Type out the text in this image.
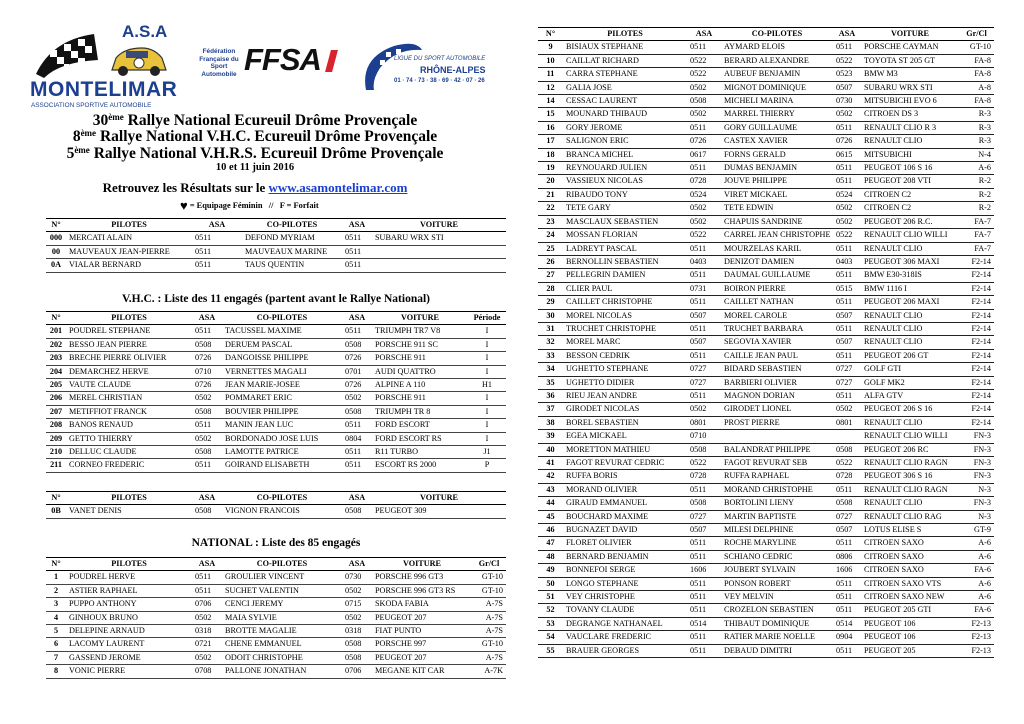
A.S.A
MONTELIMAR
ASSOCIATION SPORTIVE AUTOMOBILE
Fédération Française du Sport Automobile FFSA	LIGUE DU SPORT AUTOMOBILE
RHÔNE-ALPES
01 · 74 · 73 · 38 · 69 · 42 · 07 · 26
30ème Rallye National Ecureuil Drôme Provençale
8ème Rallye National V.H.C. Ecureuil Drôme Provençale
5ème Rallye National V.H.R.S. Ecureuil Drôme Provençale
10 et 11 juin 2016
Retrouvez les Résultats sur le www.asamontelimar.com
♥ = Equipage Féminin   //   F = Forfait
N°	PILOTES	ASA	CO-PILOTES	ASA	VOITURE
000	MERCATI ALAIN	0511	DEFOND MYRIAM	0511	SUBARU WRX STI
00	MAUVEAUX JEAN-PIERRE	0511	MAUVEAUX MARINE	0511	
0A	VIALAR BERNARD	0511	TAUS QUENTIN	0511	
V.H.C. : Liste des 11 engagés (partent avant le Rallye National)
N°	PILOTES	ASA	CO-PILOTES	ASA	VOITURE	Période
201	POUDREL STEPHANE	0511	TACUSSEL MAXIME	0511	TRIUMPH TR7 V8	I
202	BESSO JEAN PIERRE	0508	DERUEM PASCAL	0508	PORSCHE 911 SC	I
203	BRECHE PIERRE OLIVIER	0726	DANGOISSE PHILIPPE	0726	PORSCHE 911	I
204	DEMARCHEZ HERVE	0710	VERNETTES MAGALI	0701	AUDI QUATTRO	I
205	VAUTE CLAUDE	0726	JEAN MARIE-JOSEE	0726	ALPINE A 110	H1
206	MEREL CHRISTIAN	0502	POMMARET ERIC	0502	PORSCHE 911	I
207	METIFFIOT FRANCK	0508	BOUVIER PHILIPPE	0508	TRIUMPH TR 8	I
208	BANOS RENAUD	0511	MANIN JEAN LUC	0511	FORD ESCORT	I
209	GETTO THIERRY	0502	BORDONADO JOSE LUIS	0804	FORD ESCORT RS	I
210	DELLUC CLAUDE	0508	LAMOTTE PATRICE	0511	R11 TURBO	J1
211	CORNEO FREDERIC	0511	GOIRAND ELISABETH	0511	ESCORT RS 2000	P
N°	PILOTES	ASA	CO-PILOTES	ASA	VOITURE
0B	VANET DENIS	0508	VIGNON FRANCOIS	0508	PEUGEOT 309
NATIONAL : Liste des 85 engagés
N°	PILOTES	ASA	CO-PILOTES	ASA	VOITURE	Gr/Cl
1	POUDREL HERVE	0511	GROULIER VINCENT	0730	PORSCHE 996 GT3	GT-10
2	ASTIER RAPHAEL	0511	SUCHET VALENTIN	0502	PORSCHE 996 GT3 RS	GT-10
3	PUPPO ANTHONY	0706	CENCI JEREMY	0715	SKODA FABIA	A-7S
4	GINHOUX BRUNO	0502	MAIA SYLVIE	0502	PEUGEOT 207	A-7S
5	DELEPINE ARNAUD	0318	BROTTE MAGALIE	0318	FIAT PUNTO	A-7S
6	LACOMY LAURENT	0721	CHENE EMMANUEL	0508	PORSCHE 997	GT-10
7	GASSEND JEROME	0502	ODOIT CHRISTOPHE	0508	PEUGEOT 207	A-7S
8	VONIC PIERRE	0708	PALLONE JONATHAN	0706	MEGANE KIT CAR	A-7K
N°	PILOTES	ASA	CO-PILOTES	ASA	VOITURE	Gr/Cl
9	BISIAUX STEPHANE	0511	AYMARD ELOIS	0511	PORSCHE CAYMAN	GT-10
10	CAILLAT RICHARD	0522	BERARD ALEXANDRE	0522	TOYOTA ST 205 GT	FA-8
11	CARRA STEPHANE	0522	AUBEUF BENJAMIN	0523	BMW M3	FA-8
12	GALIA JOSE	0502	MIGNOT DOMINIQUE	0507	SUBARU WRX STI	A-8
14	CESSAC LAURENT	0508	MICHELI MARINA	0730	MITSUBICHI EVO 6	FA-8
15	MOUNARD THIBAUD	0502	MARREL THIERRY	0502	CITROEN DS 3	R-3
16	GORY JEROME	0511	GORY GUILLAUME	0511	RENAULT CLIO R 3	R-3
17	SALIGNON ERIC	0726	CASTEX XAVIER	0726	RENAULT CLIO	R-3
18	BRANCA MICHEL	0617	FORNS GERALD	0615	MITSUBICHI	N-4
19	REYNOUARD JULIEN	0511	DUMAS BENJAMIN	0511	PEUGEOT 106 S 16	A-6
20	VASSIEUX NICOLAS	0728	JOUVE PHILIPPE	0511	PEUGEOT 208 VTI	R-2
21	RIBAUDO TONY	0524	VIRET MICKAEL	0524	CITROEN C2	R-2
22	TETE GARY	0502	TETE EDWIN	0502	CITROEN C2	R-2
23	MASCLAUX SEBASTIEN	0502	CHAPUIS SANDRINE	0502	PEUGEOT 206 R.C.	FA-7
24	MOSSAN FLORIAN	0522	CARREL JEAN CHRISTOPHE	0522	RENAULT CLIO WILLI	FA-7
25	LADREYT PASCAL	0511	MOURZELAS KARIL	0511	RENAULT CLIO	FA-7
26	BERNOLLIN SEBASTIEN	0403	DENIZOT DAMIEN	0403	PEUGEOT 306 MAXI	F2-14
27	PELLEGRIN DAMIEN	0511	DAUMAL GUILLAUME	0511	BMW E30-318IS	F2-14
28	CLIER PAUL	0731	BOIRON PIERRE	0515	BMW 1116 I	F2-14
29	CAILLET CHRISTOPHE	0511	CAILLET NATHAN	0511	PEUGEOT 206 MAXI	F2-14
30	MOREL NICOLAS	0507	MOREL CAROLE	0507	RENAULT CLIO	F2-14
31	TRUCHET CHRISTOPHE	0511	TRUCHET BARBARA	0511	RENAULT CLIO	F2-14
32	MOREL MARC	0507	SEGOVIA XAVIER	0507	RENAULT CLIO	F2-14
33	BESSON CEDRIK	0511	CAILLE JEAN PAUL	0511	PEUGEOT 206 GT	F2-14
34	UGHETTO STEPHANE	0727	BIDARD SEBASTIEN	0727	GOLF GTI	F2-14
35	UGHETTO DIDIER	0727	BARBIERI OLIVIER	0727	GOLF MK2	F2-14
36	RIEU JEAN ANDRE	0511	MAGNON DORIAN	0511	ALFA GTV	F2-14
37	GIRODET NICOLAS	0502	GIRODET LIONEL	0502	PEUGEOT 206 S 16	F2-14
38	BOREL SEBASTIEN	0801	PROST PIERRE	0801	RENAULT CLIO	F2-14
39	EGEA MICKAEL	0710			RENAULT CLIO WILLI	FN-3
40	MORETTON MATHIEU	0508	BALANDRAT PHILIPPE	0508	PEUGEOT 206 RC	FN-3
41	FAGOT REVURAT CEDRIC	0522	FAGOT REVURAT SEB	0522	RENAULT CLIO RAGN	FN-3
42	RUFFA BORIS	0728	RUFFA RAPHAEL	0728	PEUGEOT 306 S 16	FN-3
43	MORAND OLIVIER	0511	MORAND CHRISTOPHE	0511	RENAULT CLIO RAGN	N-3
44	GIRAUD EMMANUEL	0508	BORTOLINI LIENY	0508	RENAULT CLIO	FN-3
45	BOUCHARD MAXIME	0727	MARTIN BAPTISTE	0727	RENAULT CLIO RAG	N-3
46	BUGNAZET DAVID	0507	MILESI DELPHINE	0507	LOTUS ELISE S	GT-9
47	FLORET OLIVIER	0511	ROCHE MARYLINE	0511	CITROEN SAXO	A-6
48	BERNARD BENJAMIN	0511	SCHIANO CEDRIC	0806	CITROEN SAXO	A-6
49	BONNEFOI SERGE	1606	JOUBERT SYLVAIN	1606	CITROEN SAXO	FA-6
50	LONGO STEPHANE	0511	PONSON ROBERT	0511	CITROEN SAXO VTS	A-6
51	VEY CHRISTOPHE	0511	VEY MELVIN	0511	CITROEN SAXO NEW	A-6
52	TOVANY CLAUDE	0511	CROZELON SEBASTIEN	0511	PEUGEOT 205 GTI	FA-6
53	DEGRANGE NATHANAEL	0514	THIBAUT DOMINIQUE	0514	PEUGEOT 106	F2-13
54	VAUCLARE FREDERIC	0511	RATIER MARIE NOELLE	0904	PEUGEOT 106	F2-13
55	BRAUER GEORGES	0511	DEBAUD DIMITRI	0511	PEUGEOT 205	F2-13
